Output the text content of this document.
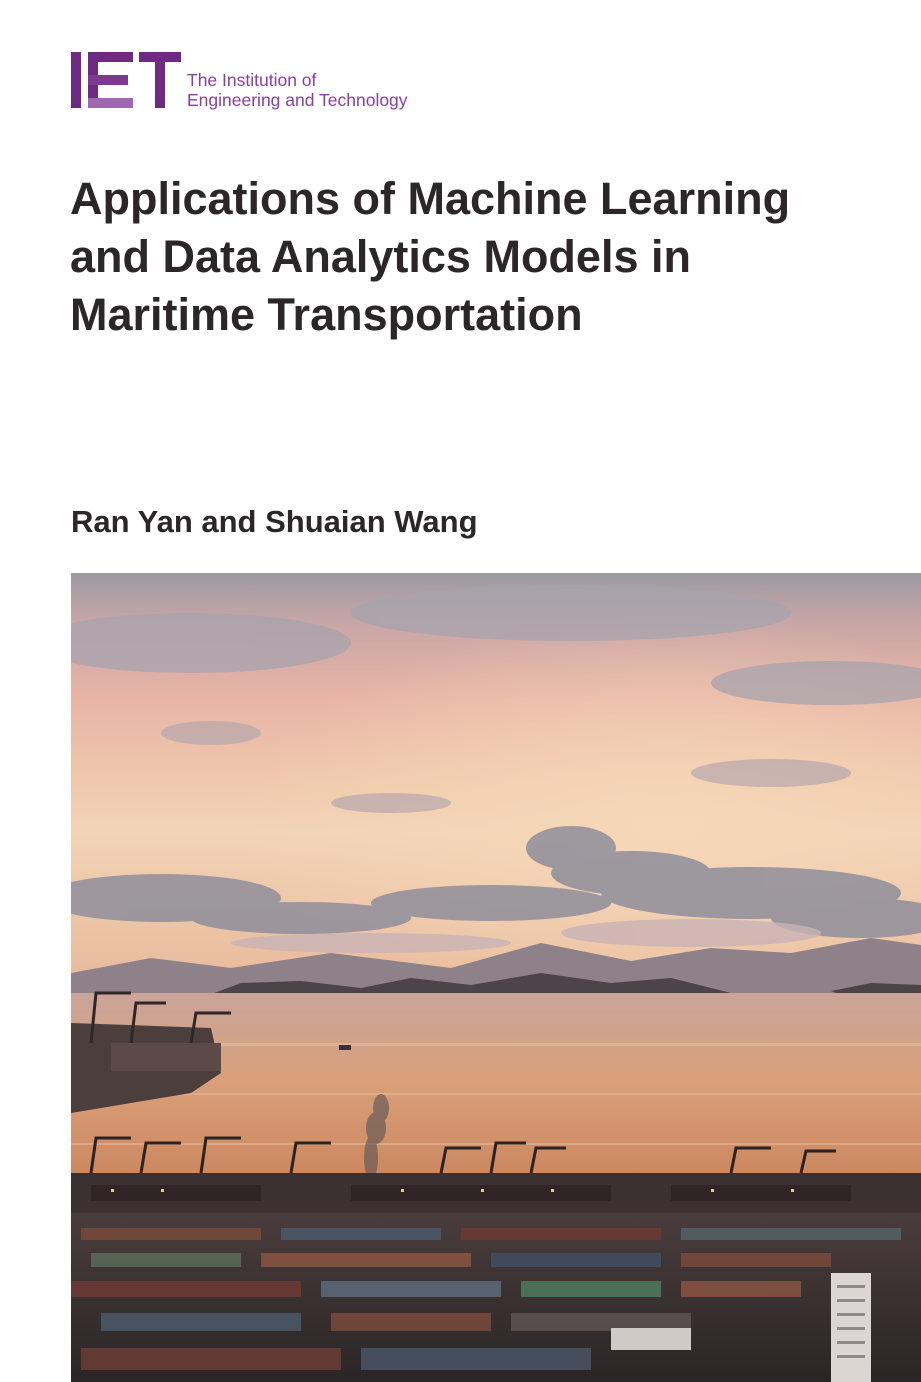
The Institution of
Engineering and Technology
Applications of Machine Learning
and Data Analytics Models in
Maritime Transportation

Ran Yan and Shuaian Wang
